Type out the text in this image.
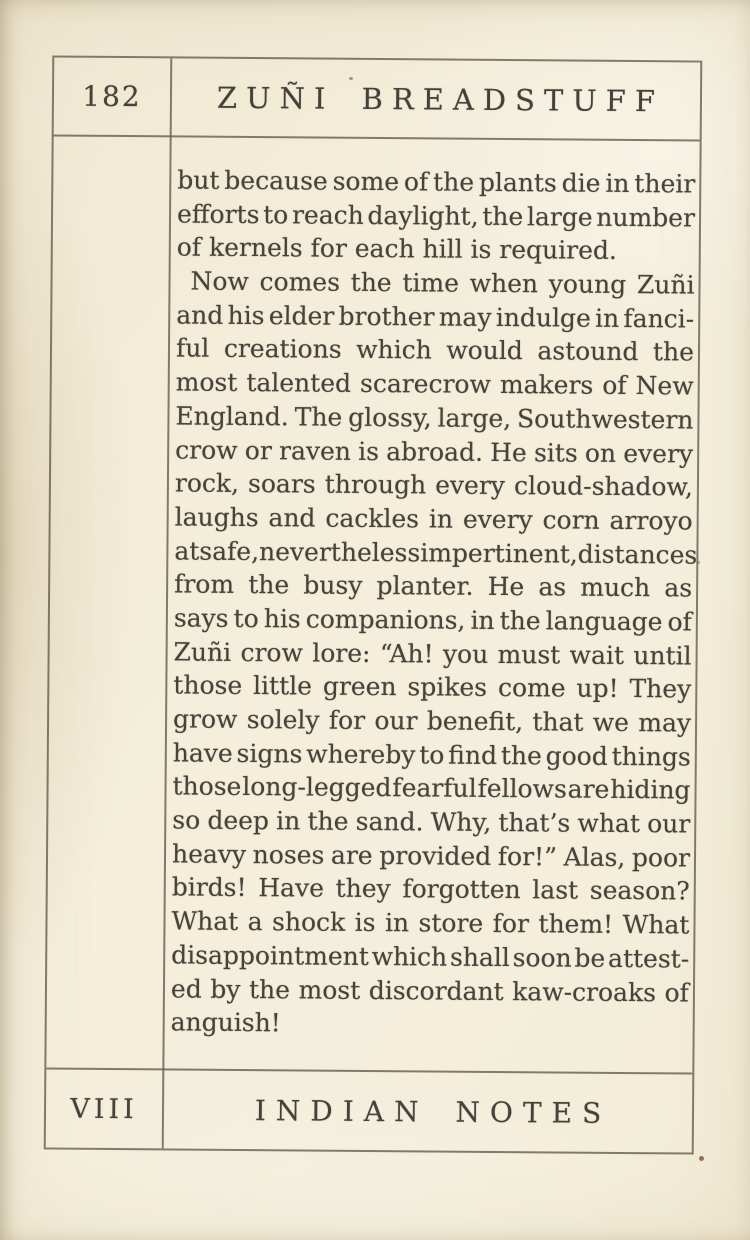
182	ZUÑI BREADSTUFF
but because some of the plants die in their
efforts to reach daylight, the large number
of kernels for each hill is required.
Now comes the time when young Zuñi
and his elder brother may indulge in fanci-
ful creations which would astound the
most talented scarecrow makers of New
England. The glossy, large, Southwestern
crow or raven is abroad. He sits on every
rock, soars through every cloud-shadow,
laughs and cackles in every corn arroyo
at safe, nevertheless impertinent, distances
from the busy planter. He as much as
says to his companions, in the language of
Zuñi crow lore: “Ah! you must wait until
those little green spikes come up! They
grow solely for our benefit, that we may
have signs whereby to find the good things
those long-legged fearful fellows are hiding
so deep in the sand. Why, that’s what our
heavy noses are provided for!” Alas, poor
birds! Have they forgotten last season?
What a shock is in store for them! What
disappointment which shall soon be attest-
ed by the most discordant kaw-croaks of
anguish!
VIII	INDIAN NOTES
